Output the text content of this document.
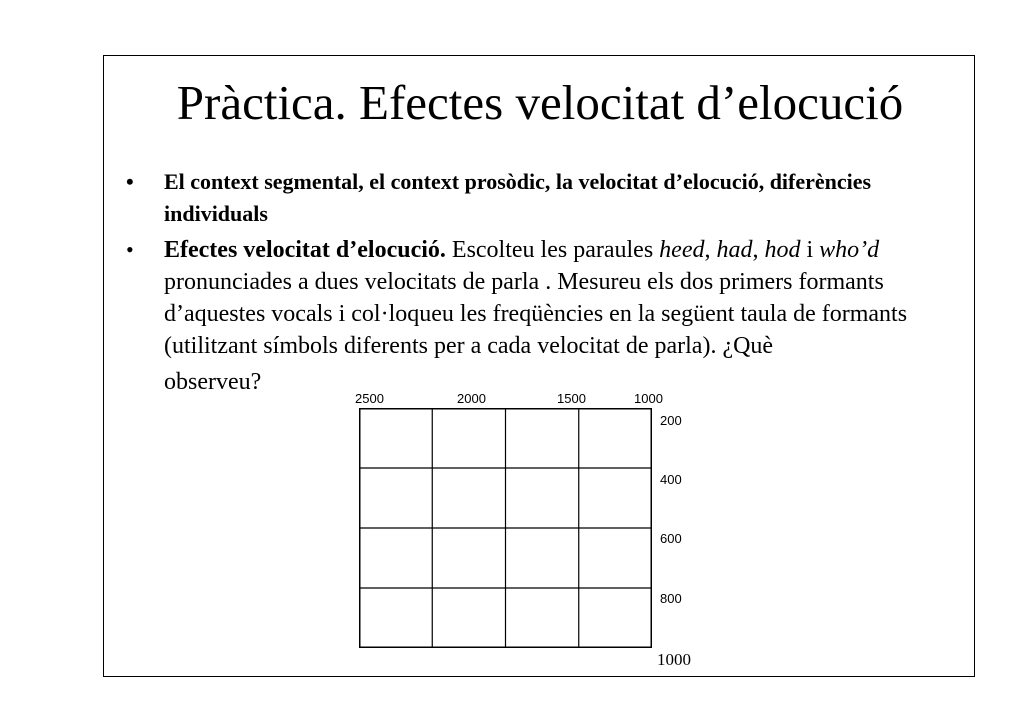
Pràctica. Efectes velocitat d’elocució
• El context segmental, el context prosòdic, la velocitat d’elocució, diferències individuals
• Efectes velocitat d’elocució. Escolteu les paraules heed, had, hod i who’d pronunciades a dues velocitats de parla . Mesureu els dos primers formants d’aquestes vocals i col·loqueu les freqüències en la següent taula de formants (utilitzant símbols diferents per a cada velocitat de parla). ¿Què
observeu?
2500	2000	1500	1000
200
400
600
800
1000
